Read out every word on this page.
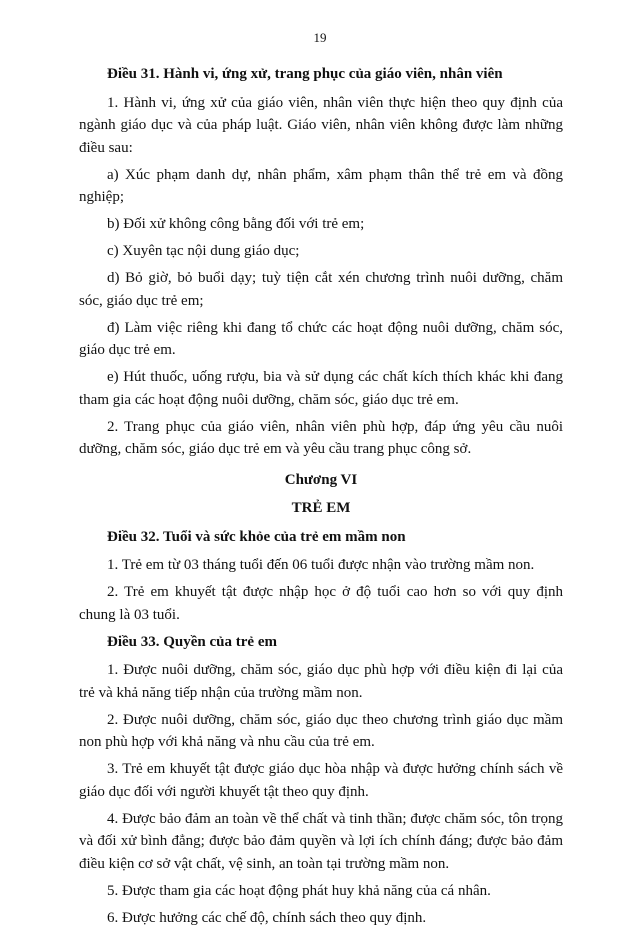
19

Điều 31. Hành vi, ứng xử, trang phục của giáo viên, nhân viên

1. Hành vi, ứng xử của giáo viên, nhân viên thực hiện theo quy định của ngành giáo dục và của pháp luật. Giáo viên, nhân viên không được làm những điều sau:

a) Xúc phạm danh dự, nhân phẩm, xâm phạm thân thể trẻ em và đồng nghiệp;

b) Đối xử không công bằng đối với trẻ em;

c) Xuyên tạc nội dung giáo dục;

d) Bỏ giờ, bỏ buổi dạy; tuỳ tiện cắt xén chương trình nuôi dưỡng, chăm sóc, giáo dục trẻ em;

đ) Làm việc riêng khi đang tổ chức các hoạt động nuôi dưỡng, chăm sóc, giáo dục trẻ em.

e) Hút thuốc, uống rượu, bia và sử dụng các chất kích thích khác khi đang tham gia các hoạt động nuôi dưỡng, chăm sóc, giáo dục trẻ em.

2. Trang phục của giáo viên, nhân viên phù hợp, đáp ứng yêu cầu nuôi dưỡng, chăm sóc, giáo dục trẻ em và yêu cầu trang phục công sở.

Chương VI

TRẺ EM

Điều 32. Tuổi và sức khỏe của trẻ em mầm non

1. Trẻ em từ 03 tháng tuổi đến 06 tuổi được nhận vào trường mầm non.

2. Trẻ em khuyết tật được nhập học ở độ tuổi cao hơn so với quy định chung là 03 tuổi.

Điều 33. Quyền của trẻ em

1. Được nuôi dưỡng, chăm sóc, giáo dục phù hợp với điều kiện đi lại của trẻ và khả năng tiếp nhận của trường mầm non.

2. Được nuôi dưỡng, chăm sóc, giáo dục theo chương trình giáo dục mầm non phù hợp với khả năng và nhu cầu của trẻ em.

3. Trẻ em khuyết tật được giáo dục hòa nhập và được hưởng chính sách về giáo dục đối với người khuyết tật theo quy định.

4. Được bảo đảm an toàn về thể chất và tinh thần; được chăm sóc, tôn trọng và đối xử bình đẳng; được bảo đảm quyền và lợi ích chính đáng; được bảo đảm điều kiện cơ sở vật chất, vệ sinh, an toàn tại trường mầm non.

5. Được tham gia các hoạt động phát huy khả năng của cá nhân.

6. Được hưởng các chế độ, chính sách theo quy định.
